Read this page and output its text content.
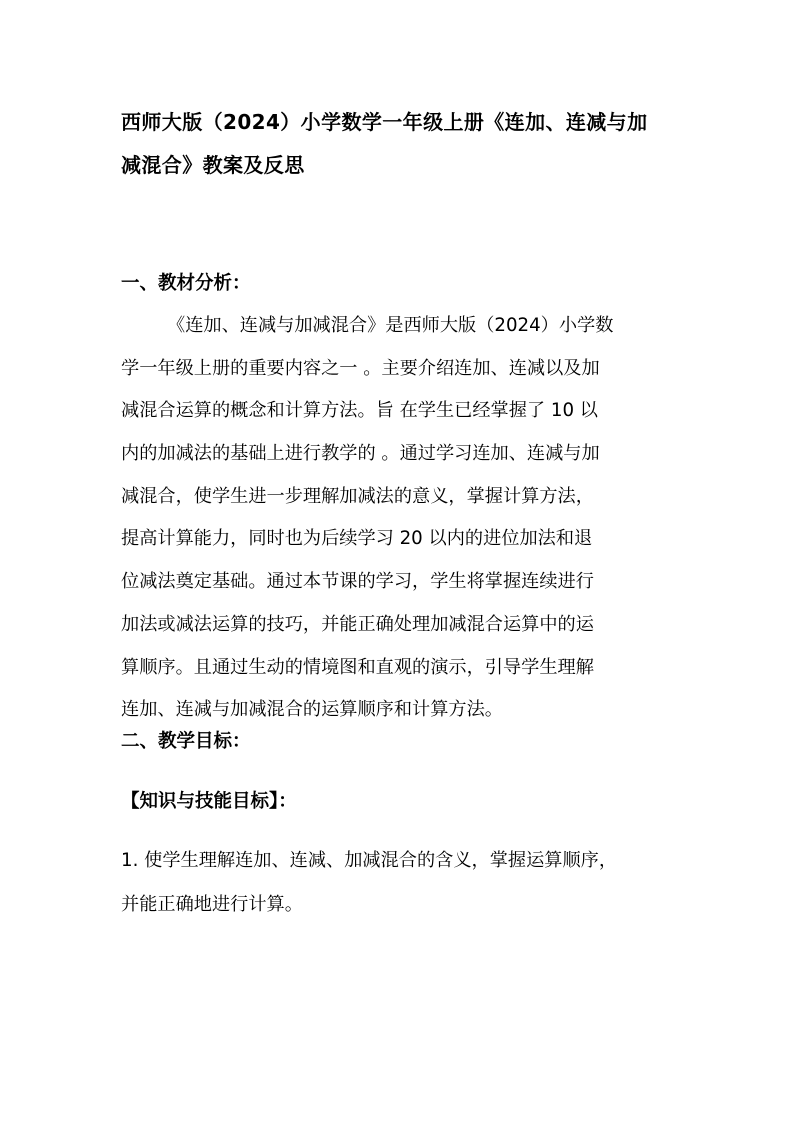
西师大版（2024）小学数学一年级上册《连加、连减与加
减混合》教案及反思
一、教材分析：
《连加、连减与加减混合》是西师大版（2024）小学数
学一年级上册的重要内容之一 。主要介绍连加、连减以及加
减混合运算的概念和计算方法。旨 在学生已经掌握了 10 以
内的加减法的基础上进行教学的 。通过学习连加、连减与加
减混合，使学生进一步理解加减法的意义，掌握计算方法，
提高计算能力，同时也为后续学习 20 以内的进位加法和退
位减法奠定基础。通过本节课的学习，学生将掌握连续进行
加法或减法运算的技巧，并能正确处理加减混合运算中的运
算顺序。且通过生动的情境图和直观的演示，引导学生理解
连加、连减与加减混合的运算顺序和计算方法。
二、教学目标：
【知识与技能目标】：
1. 使学生理解连加、连减、加减混合的含义，掌握运算顺序，
并能正确地进行计算。
